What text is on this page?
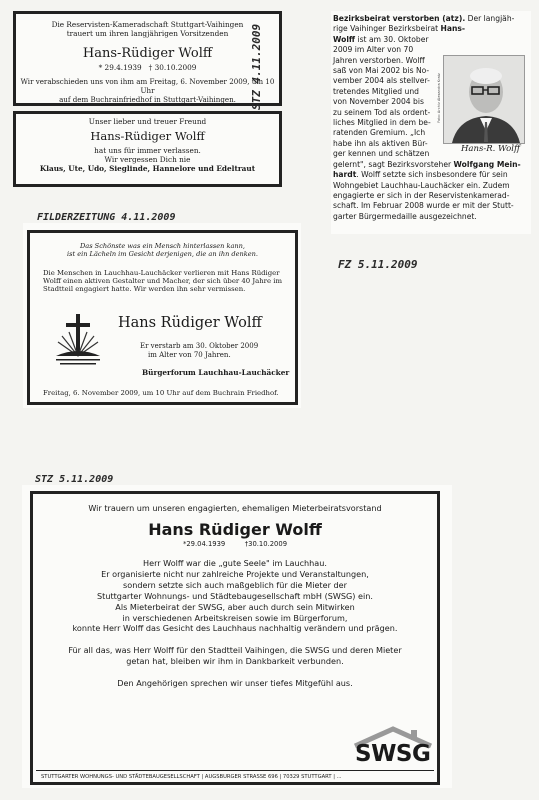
Die Reservisten-Kameradschaft Stuttgart-Vaihingen
trauert um ihren langjährigen Vorsitzenden
Hans-Rüdiger Wolff
* 29.4.1939 † 30.10.2009
Wir verabschieden uns von ihm am Freitag, 6. November 2009, um 10 Uhr
auf dem Buchrainfriedhof in Stuttgart-Vaihingen.
Unser lieber und treuer Freund
Hans-Rüdiger Wolff
hat uns für immer verlassen.
Wir vergessen Dich nie
Klaus, Ute, Udo, Sieglinde, Hannelore und Edeltraut
STZ 4.11.2009
Bezirksbeirat verstorben (atz). Der langjäh-
rige Vaihinger Bezirksbeirat Hans-
Wolff ist am 30. Oktober
2009 im Alter von 70
Jahren verstorben. Wolff
saß von Mai 2002 bis No-
vember 2004 als stellver-
tretendes Mitglied und
von November 2004 bis
zu seinem Tod als ordent-
liches Mitglied in dem be-
ratenden Gremium. „Ich
habe ihn als aktiven Bür-
ger kennen und schätzen
gelernt", sagt Bezirksvorsteher Wolfgang Mein-
hardt. Wolff setzte sich insbesondere für sein
Wohngebiet Lauchhau-Lauchäcker ein. Zudem
engagierte er sich in der Reservistenkamerad-
schaft. Im Februar 2008 wurde er mit der Stutt-
garter Bürgermedaille ausgezeichnet.
Foto: Archiv Alexandra Kratz
Hans-R. Wolff
FZ 5.11.2009
FILDERZEITUNG 4.11.2009
Das Schönste was ein Mensch hinterlassen kann,
ist ein Lächeln im Gesicht derjenigen, die an ihn denken.
Die Menschen in Lauchhau-Lauchäcker verlieren mit Hans Rüdiger
Wolff einen aktiven Gestalter und Macher, der sich über 40 Jahre im
Stadtteil engagiert hatte. Wir werden ihn sehr vermissen.
Hans Rüdiger Wolff
Er verstarb am 30. Oktober 2009
im Alter von 70 Jahren.
Bürgerforum Lauchhau-Lauchäcker
Freitag, 6. November 2009, um 10 Uhr auf dem Buchrain Friedhof.
STZ 5.11.2009
Wir trauern um unseren engagierten, ehemaligen Mieterbeiratsvorstand
Hans Rüdiger Wolff
*29.04.1939	†30.10.2009
Herr Wolff war die „gute Seele" im Lauchhau.
Er organisierte nicht nur zahlreiche Projekte und Veranstaltungen,
sondern setzte sich auch maßgeblich für die Mieter der
Stuttgarter Wohnungs- und Städtebaugesellschaft mbH (SWSG) ein.
Als Mieterbeirat der SWSG, aber auch durch sein Mitwirken
in verschiedenen Arbeitskreisen sowie im Bürgerforum,
konnte Herr Wolff das Gesicht des Lauchhaus nachhaltig verändern und prägen.
Für all das, was Herr Wolff für den Stadtteil Vaihingen, die SWSG und deren Mieter
getan hat, bleiben wir ihm in Dankbarkeit verbunden.
Den Angehörigen sprechen wir unser tiefes Mitgefühl aus.
SWSG
STUTTGARTER WOHNUNGS- UND STÄDTEBAUGESELLSCHAFT | AUGSBURGER STRASSE 696 | 70329 STUTTGART | ...
